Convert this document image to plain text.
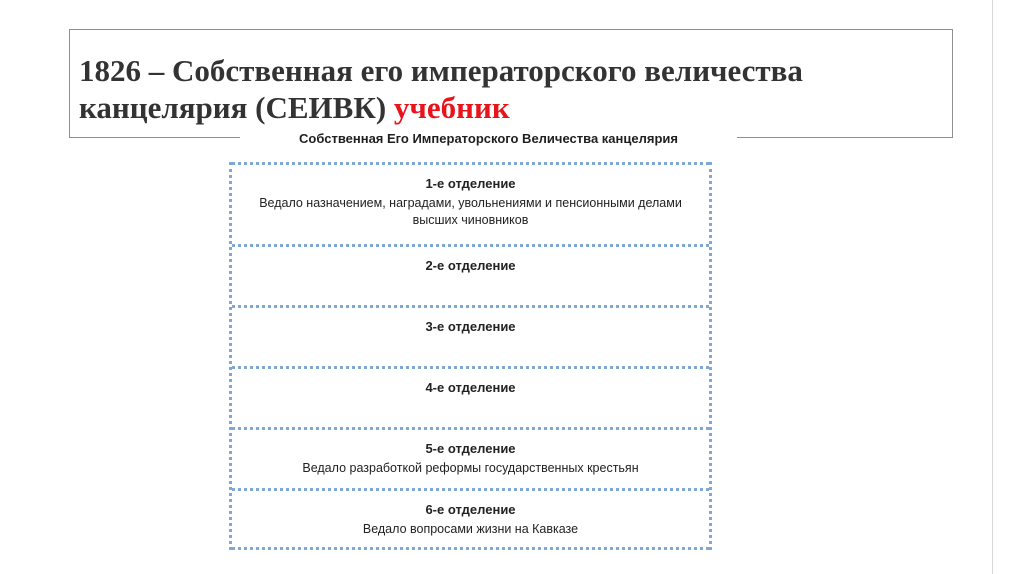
1826 – Собственная его императорского величества
канцелярия (СЕИВК) учебник
Собственная Его Императорского Величества канцелярия
1-е отделение
Ведало назначением, наградами, увольнениями и пенсионными делами
высших чиновников
2-е отделение
3-е отделение
4-е отделение
5-е отделение
Ведало разработкой реформы государственных крестьян
6-е отделение
Ведало вопросами жизни на Кавказе
